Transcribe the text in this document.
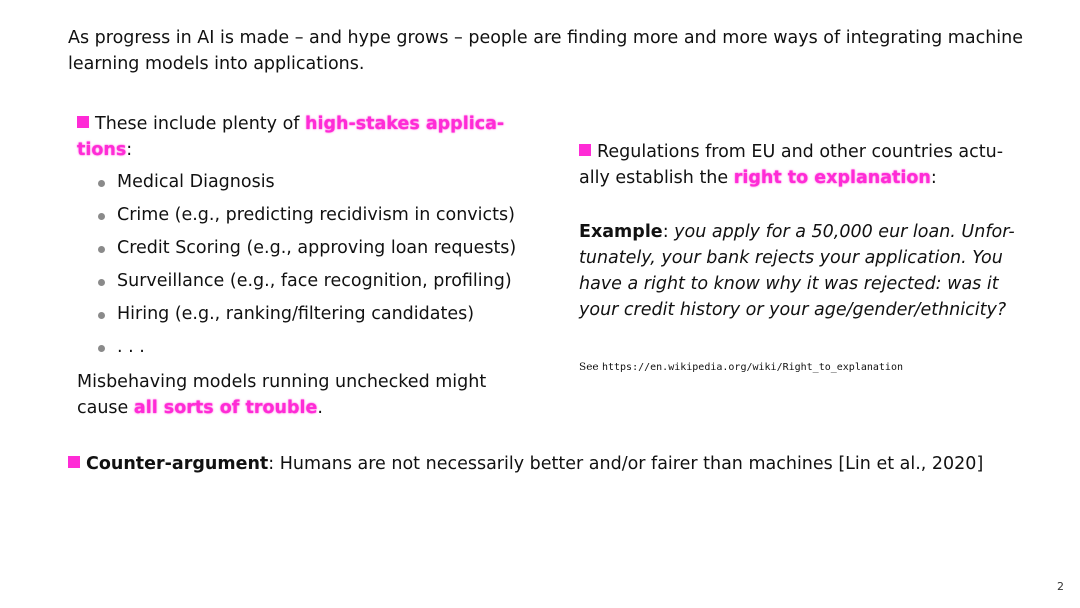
As progress in AI is made – and hype grows – people are finding more and more ways of integrating machine

learning models into applications.

These include plenty of high-stakes applica-

tions:

Medical Diagnosis
Crime (e.g., predicting recidivism in convicts)
Credit Scoring (e.g., approving loan requests)
Surveillance (e.g., face recognition, profiling)
Hiring (e.g., ranking/filtering candidates)
. . .

Misbehaving models running unchecked might

cause all sorts of trouble.

Regulations from EU and other countries actu-

ally establish the right to explanation:

Example: you apply for a 50,000 eur loan. Unfor-

tunately, your bank rejects your application. You

have a right to know why it was rejected: was it

your credit history or your age/gender/ethnicity?

See https://en.wikipedia.org/wiki/Right_to_explanation

Counter-argument: Humans are not necessarily better and/or fairer than machines [Lin et al., 2020]

2
